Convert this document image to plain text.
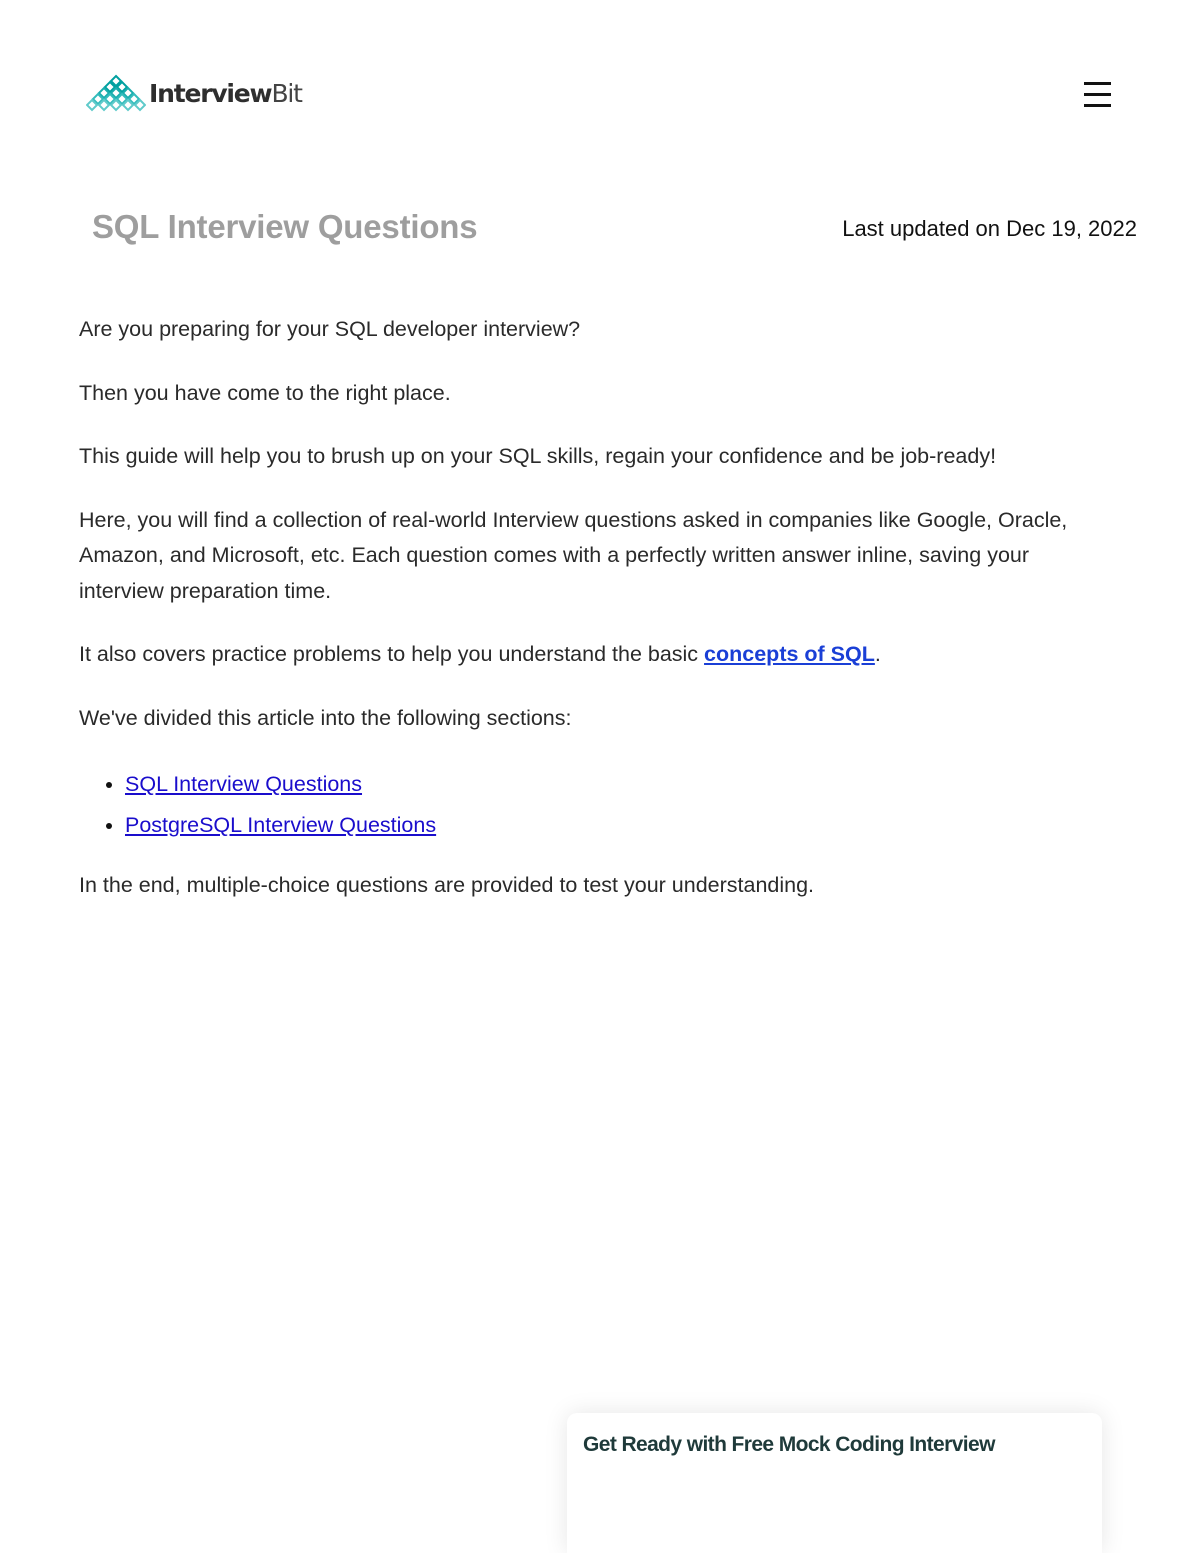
InterviewBit
SQL Interview Questions	Last updated on Dec 19, 2022

Are you preparing for your SQL developer interview?

Then you have come to the right place.

This guide will help you to brush up on your SQL skills, regain your confidence and be job-ready!

Here, you will find a collection of real-world Interview questions asked in companies like Google, Oracle, Amazon, and Microsoft, etc. Each question comes with a perfectly written answer inline, saving your interview preparation time.

It also covers practice problems to help you understand the basic concepts of SQL.

We've divided this article into the following sections:

• SQL Interview Questions
• PostgreSQL Interview Questions

In the end, multiple-choice questions are provided to test your understanding.

Get Ready with Free Mock Coding Interview
